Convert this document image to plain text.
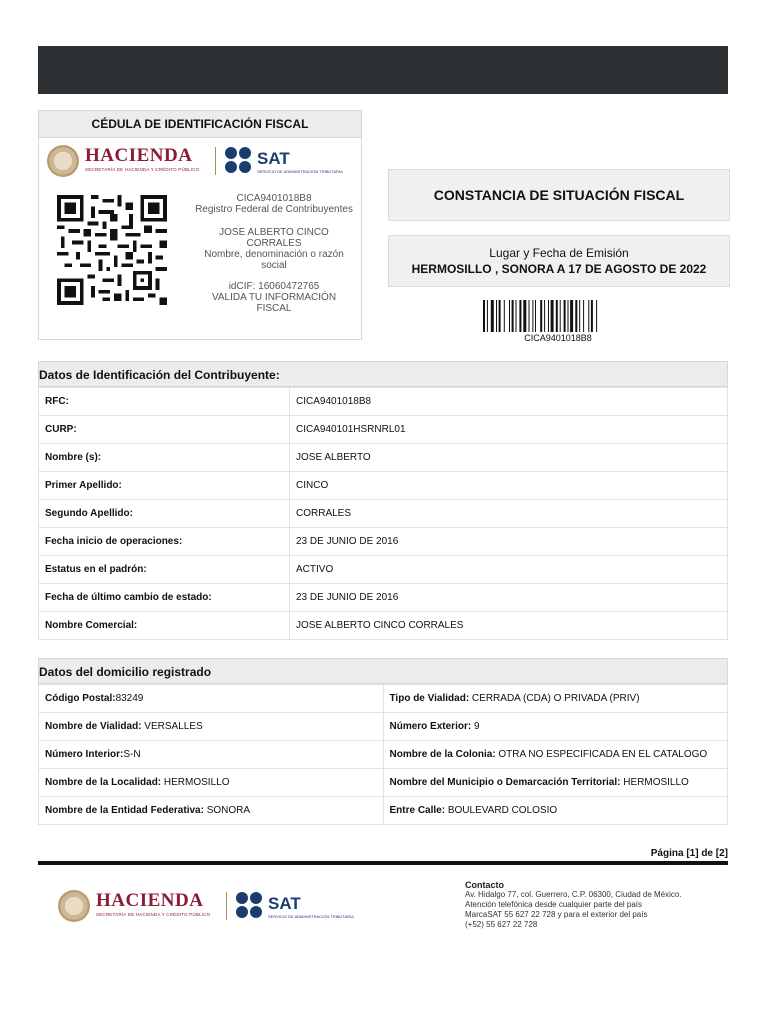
CÉDULA DE IDENTIFICACIÓN FISCAL
HACIENDA
SECRETARÍA DE HACIENDA Y CRÉDITO PÚBLICO
SAT
SERVICIO DE ADMINISTRACIÓN TRIBUTARIA
CICA9401018B8
Registro Federal de Contribuyentes
JOSE ALBERTO CINCO
CORRALES
Nombre, denominación o razón
social
idCIF: 16060472765
VALIDA TU INFORMACIÓN
FISCAL
CONSTANCIA DE SITUACIÓN FISCAL
Lugar y Fecha de Emisión
HERMOSILLO , SONORA A 17 DE AGOSTO DE 2022
CICA9401018B8
Datos de Identificación del Contribuyente:
RFC:	CICA9401018B8
CURP:	CICA940101HSRNRL01
Nombre (s):	JOSE ALBERTO
Primer Apellido:	CINCO
Segundo Apellido:	CORRALES
Fecha inicio de operaciones:	23 DE JUNIO DE 2016
Estatus en el padrón:	ACTIVO
Fecha de último cambio de estado:	23 DE JUNIO DE 2016
Nombre Comercial:	JOSE ALBERTO CINCO CORRALES
Datos del domicilio registrado
Código Postal:83249	Tipo de Vialidad: CERRADA (CDA) O PRIVADA (PRIV)
Nombre de Vialidad: VERSALLES	Número Exterior: 9
Número Interior:S-N	Nombre de la Colonia: OTRA NO ESPECIFICADA EN EL CATALOGO
Nombre de la Localidad: HERMOSILLO	Nombre del Municipio o Demarcación Territorial: HERMOSILLO
Nombre de la Entidad Federativa: SONORA	Entre Calle: BOULEVARD COLOSIO
Página [1] de [2]
HACIENDA
SECRETARÍA DE HACIENDA Y CRÉDITO PÚBLICO
SAT
SERVICIO DE ADMINISTRACIÓN TRIBUTARIA
Contacto
Av. Hidalgo 77, col. Guerrero, C.P. 06300, Ciudad de México.
Atención telefónica desde cualquier parte del país
MarcaSAT 55 627 22 728 y para el exterior del país
(+52) 55 627 22 728
